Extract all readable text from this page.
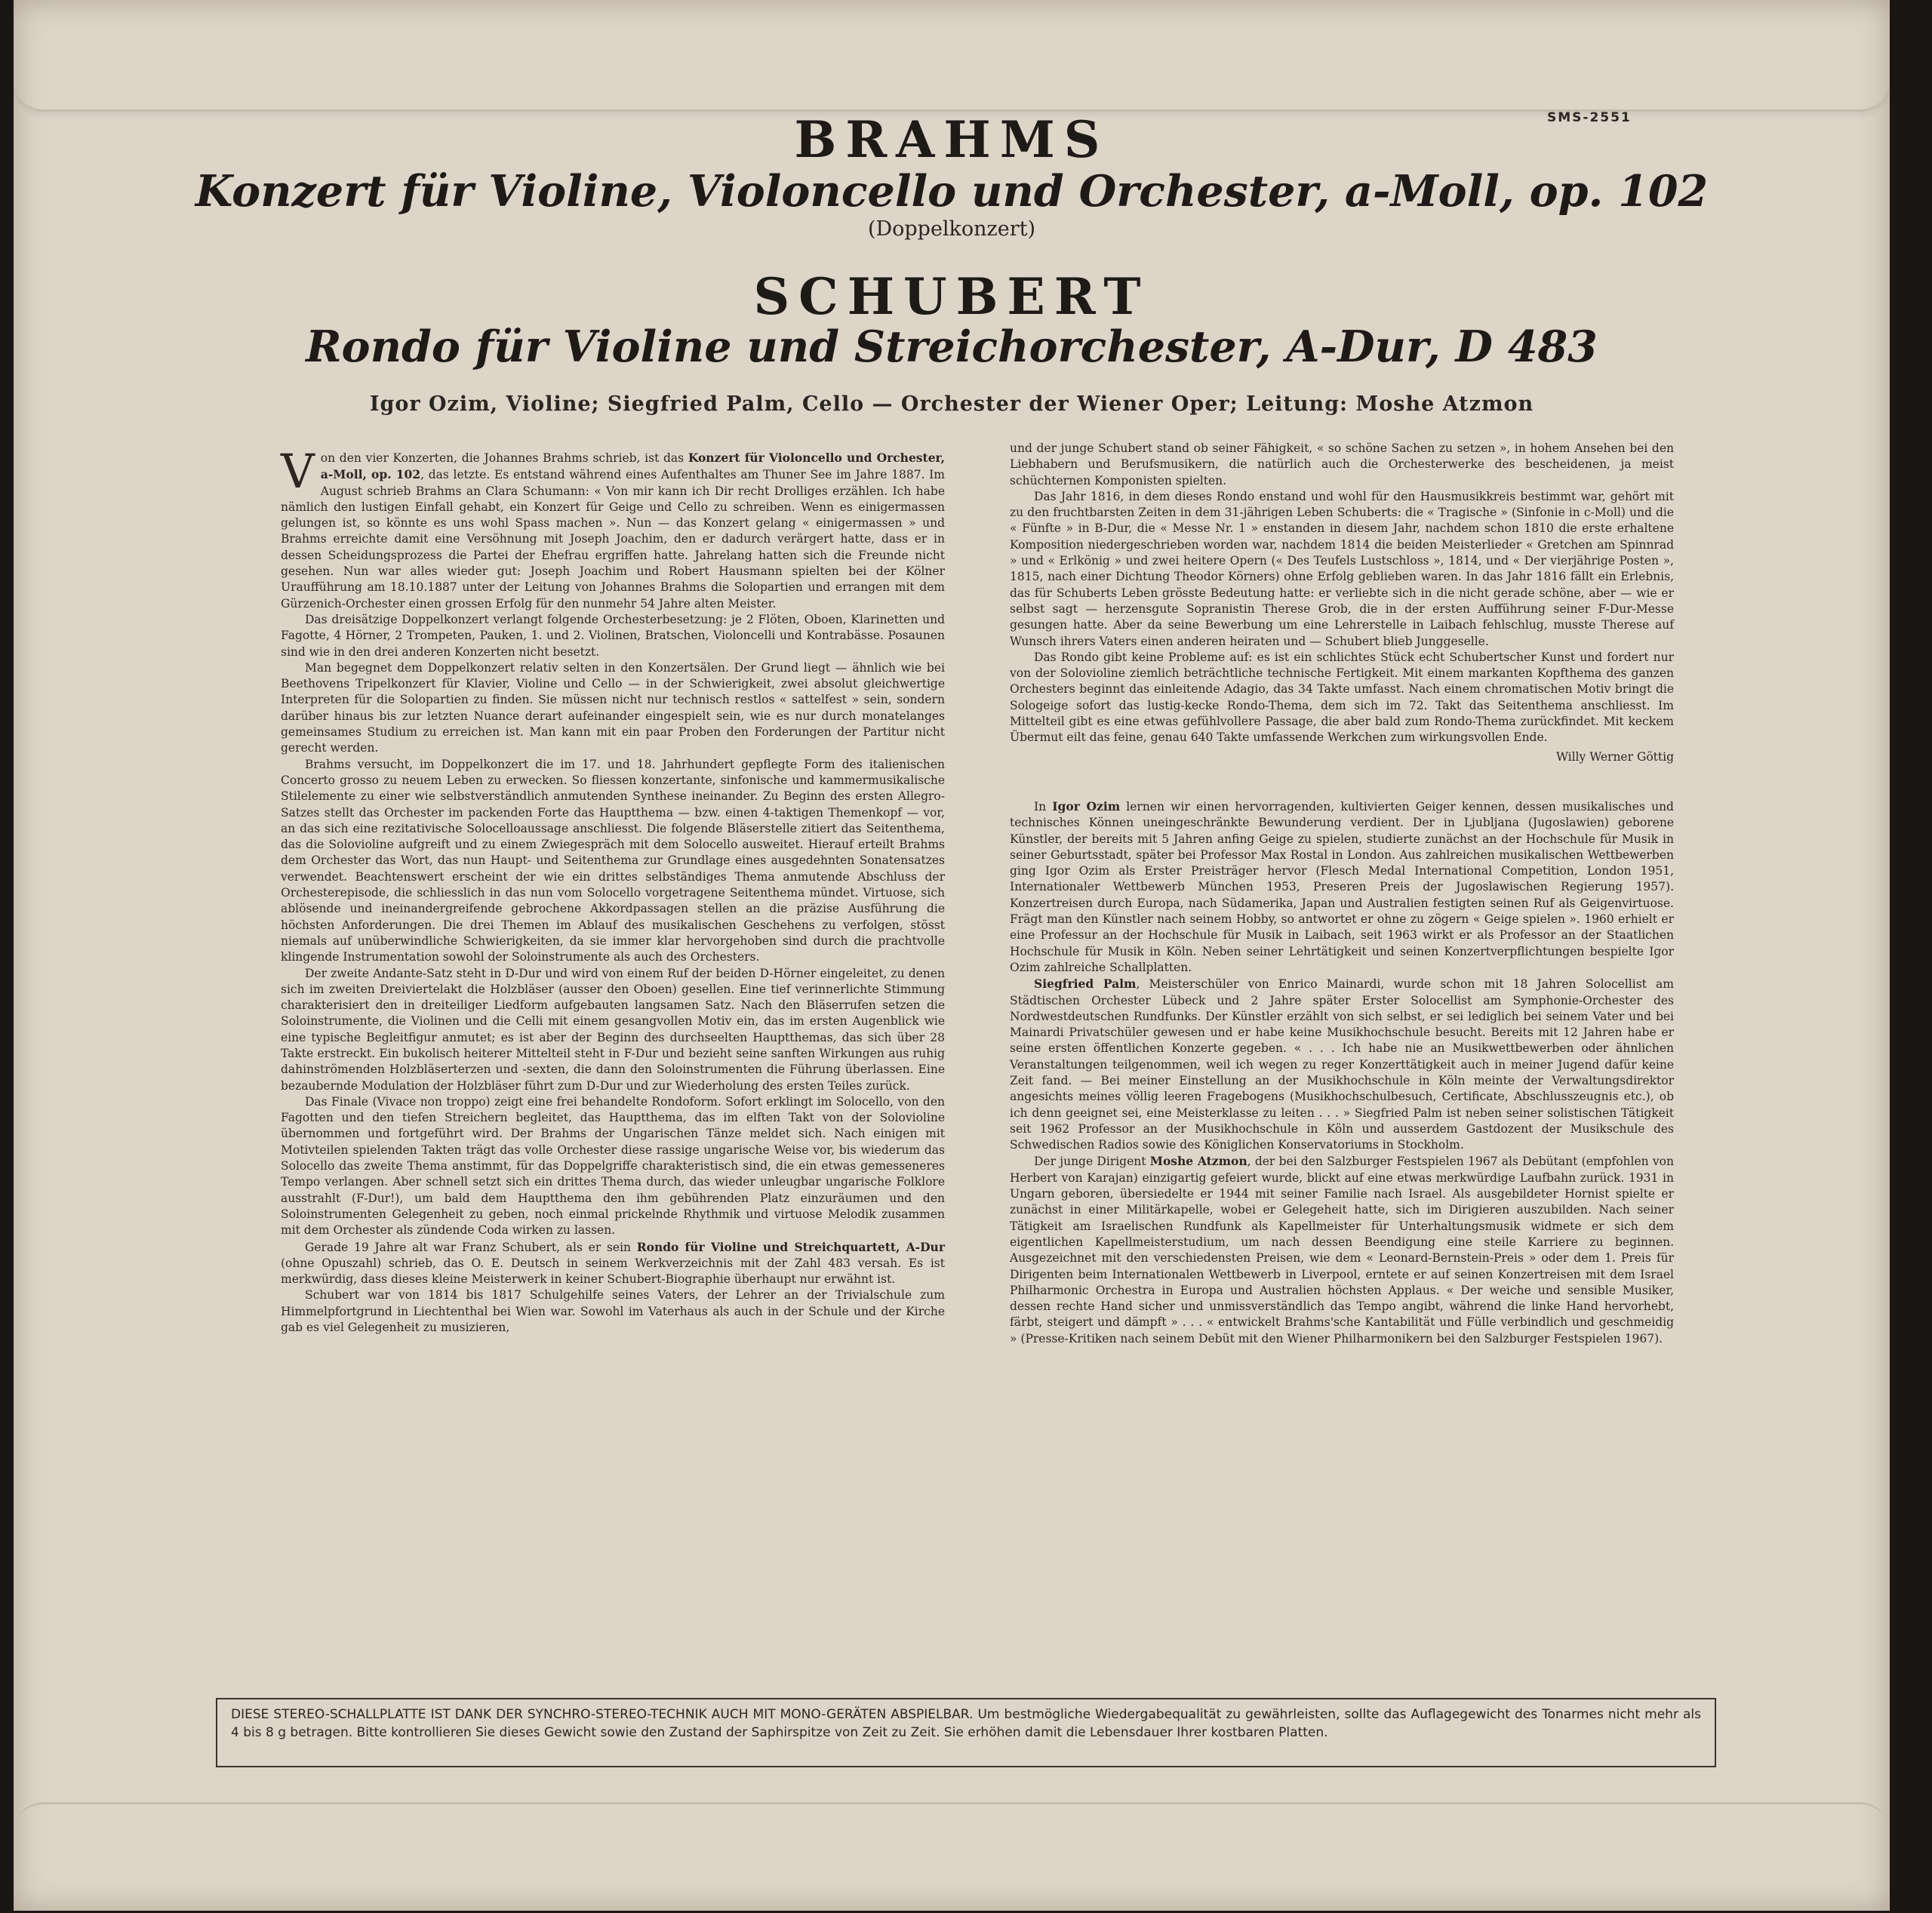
SMS-2551
BRAHMS
Konzert für Violine, Violoncello und Orchester, a-Moll, op. 102
(Doppelkonzert)
SCHUBERT
Rondo für Violine und Streichorchester, A-Dur, D 483
Igor Ozim, Violine; Siegfried Palm, Cello — Orchester der Wiener Oper; Leitung: Moshe Atzmon

Von den vier Konzerten, die Johannes Brahms schrieb, ist das Konzert für Violoncello und Orchester, a-Moll, op. 102, das letzte. Es entstand während eines Aufenthaltes am Thuner See im Jahre 1887. Im August schrieb Brahms an Clara Schumann: « Von mir kann ich Dir recht Drolliges erzählen. Ich habe nämlich den lustigen Einfall gehabt, ein Konzert für Geige und Cello zu schreiben. Wenn es einigermassen gelungen ist, so könnte es uns wohl Spass machen ». Nun — das Konzert gelang « einigermassen » und Brahms erreichte damit eine Versöhnung mit Joseph Joachim, den er dadurch verärgert hatte, dass er in dessen Scheidungsprozess die Partei der Ehefrau ergriffen hatte. Jahrelang hatten sich die Freunde nicht gesehen. Nun war alles wieder gut: Joseph Joachim und Robert Hausmann spielten bei der Kölner Uraufführung am 18.10.1887 unter der Leitung von Johannes Brahms die Solopartien und errangen mit dem Gürzenich-Orchester einen grossen Erfolg für den nunmehr 54 Jahre alten Meister.

Das dreisätzige Doppelkonzert verlangt folgende Orchesterbesetzung: je 2 Flöten, Oboen, Klarinetten und Fagotte, 4 Hörner, 2 Trompeten, Pauken, 1. und 2. Violinen, Bratschen, Violoncelli und Kontrabässe. Posaunen sind wie in den drei anderen Konzerten nicht besetzt.

Man begegnet dem Doppelkonzert relativ selten in den Konzertsälen. Der Grund liegt — ähnlich wie bei Beethovens Tripelkonzert für Klavier, Violine und Cello — in der Schwierigkeit, zwei absolut gleichwertige Interpreten für die Solopartien zu finden. Sie müssen nicht nur technisch restlos « sattelfest » sein, sondern darüber hinaus bis zur letzten Nuance derart aufeinander eingespielt sein, wie es nur durch monatelanges gemeinsames Studium zu erreichen ist. Man kann mit ein paar Proben den Forderungen der Partitur nicht gerecht werden.

Brahms versucht, im Doppelkonzert die im 17. und 18. Jahrhundert gepflegte Form des italienischen Concerto grosso zu neuem Leben zu erwecken. So fliessen konzertante, sinfonische und kammermusikalische Stilelemente zu einer wie selbstverständlich anmutenden Synthese ineinander. Zu Beginn des ersten Allegro-Satzes stellt das Orchester im packenden Forte das Hauptthema — bzw. einen 4-taktigen Themenkopf — vor, an das sich eine rezitativische Solocelloaussage anschliesst. Die folgende Bläserstelle zitiert das Seitenthema, das die Solovioline aufgreift und zu einem Zwiegespräch mit dem Solocello ausweitet. Hierauf erteilt Brahms dem Orchester das Wort, das nun Haupt- und Seitenthema zur Grundlage eines ausgedehnten Sonatensatzes verwendet. Beachtenswert erscheint der wie ein drittes selbständiges Thema anmutende Abschluss der Orchesterepisode, die schliesslich in das nun vom Solocello vorgetragene Seitenthema mündet. Virtuose, sich ablösende und ineinandergreifende gebrochene Akkordpassagen stellen an die präzise Ausführung die höchsten Anforderungen. Die drei Themen im Ablauf des musikalischen Geschehens zu verfolgen, stösst niemals auf unüberwindliche Schwierigkeiten, da sie immer klar hervorgehoben sind durch die prachtvolle klingende Instrumentation sowohl der Soloinstrumente als auch des Orchesters.

Der zweite Andante-Satz steht in D-Dur und wird von einem Ruf der beiden D-Hörner eingeleitet, zu denen sich im zweiten Dreiviertelakt die Holzbläser (ausser den Oboen) gesellen. Eine tief verinnerlichte Stimmung charakterisiert den in dreiteiliger Liedform aufgebauten langsamen Satz. Nach den Bläserrufen setzen die Soloinstrumente, die Violinen und die Celli mit einem gesangvollen Motiv ein, das im ersten Augenblick wie eine typische Begleitfigur anmutet; es ist aber der Beginn des durchseelten Hauptthemas, das sich über 28 Takte erstreckt. Ein bukolisch heiterer Mittelteil steht in F-Dur und bezieht seine sanften Wirkungen aus ruhig dahinströmenden Holzbläserterzen und -sexten, die dann den Soloinstrumenten die Führung überlassen. Eine bezaubernde Modulation der Holzbläser führt zum D-Dur und zur Wiederholung des ersten Teiles zurück.

Das Finale (Vivace non troppo) zeigt eine frei behandelte Rondoform. Sofort erklingt im Solocello, von den Fagotten und den tiefen Streichern begleitet, das Hauptthema, das im elften Takt von der Solovioline übernommen und fortgeführt wird. Der Brahms der Ungarischen Tänze meldet sich. Nach einigen mit Motivteilen spielenden Takten trägt das volle Orchester diese rassige ungarische Weise vor, bis wiederum das Solocello das zweite Thema anstimmt, für das Doppelgriffe charakteristisch sind, die ein etwas gemesseneres Tempo verlangen. Aber schnell setzt sich ein drittes Thema durch, das wieder unleugbar ungarische Folklore ausstrahlt (F-Dur!), um bald dem Hauptthema den ihm gebührenden Platz einzuräumen und den Soloinstrumenten Gelegenheit zu geben, noch einmal prickelnde Rhythmik und virtuose Melodik zusammen mit dem Orchester als zündende Coda wirken zu lassen.

Gerade 19 Jahre alt war Franz Schubert, als er sein Rondo für Violine und Streichquartett, A-Dur (ohne Opuszahl) schrieb, das O. E. Deutsch in seinem Werkverzeichnis mit der Zahl 483 versah. Es ist merkwürdig, dass dieses kleine Meisterwerk in keiner Schubert-Biographie überhaupt nur erwähnt ist.

Schubert war von 1814 bis 1817 Schulgehilfe seines Vaters, der Lehrer an der Trivialschule zum Himmelpfortgrund in Liechtenthal bei Wien war. Sowohl im Vaterhaus als auch in der Schule und der Kirche gab es viel Gelegenheit zu musizieren,

und der junge Schubert stand ob seiner Fähigkeit, « so schöne Sachen zu setzen », in hohem Ansehen bei den Liebhabern und Berufsmusikern, die natürlich auch die Orchesterwerke des bescheidenen, ja meist schüchternen Komponisten spielten.

Das Jahr 1816, in dem dieses Rondo enstand und wohl für den Hausmusikkreis bestimmt war, gehört mit zu den fruchtbarsten Zeiten in dem 31-jährigen Leben Schuberts: die « Tragische » (Sinfonie in c-Moll) und die « Fünfte » in B-Dur, die « Messe Nr. 1 » enstanden in diesem Jahr, nachdem schon 1810 die erste erhaltene Komposition niedergeschrieben worden war, nachdem 1814 die beiden Meisterlieder « Gretchen am Spinnrad » und « Erlkönig » und zwei heitere Opern (« Des Teufels Lustschloss », 1814, und « Der vierjährige Posten », 1815, nach einer Dichtung Theodor Körners) ohne Erfolg geblieben waren. In das Jahr 1816 fällt ein Erlebnis, das für Schuberts Leben grösste Bedeutung hatte: er verliebte sich in die nicht gerade schöne, aber — wie er selbst sagt — herzensgute Sopranistin Therese Grob, die in der ersten Aufführung seiner F-Dur-Messe gesungen hatte. Aber da seine Bewerbung um eine Lehrerstelle in Laibach fehlschlug, musste Therese auf Wunsch ihrers Vaters einen anderen heiraten und — Schubert blieb Junggeselle.

Das Rondo gibt keine Probleme auf: es ist ein schlichtes Stück echt Schubertscher Kunst und fordert nur von der Solovioline ziemlich beträchtliche technische Fertigkeit. Mit einem markanten Kopfthema des ganzen Orchesters beginnt das einleitende Adagio, das 34 Takte umfasst. Nach einem chromatischen Motiv bringt die Sologeige sofort das lustig-kecke Rondo-Thema, dem sich im 72. Takt das Seitenthema anschliesst. Im Mittelteil gibt es eine etwas gefühlvollere Passage, die aber bald zum Rondo-Thema zurückfindet. Mit keckem Übermut eilt das feine, genau 640 Takte umfassende Werkchen zum wirkungsvollen Ende.

Willy Werner Göttig

In Igor Ozim lernen wir einen hervorragenden, kultivierten Geiger kennen, dessen musikalisches und technisches Können uneingeschränkte Bewunderung verdient. Der in Ljubljana (Jugoslawien) geborene Künstler, der bereits mit 5 Jahren anfing Geige zu spielen, studierte zunächst an der Hochschule für Musik in seiner Geburtsstadt, später bei Professor Max Rostal in London. Aus zahlreichen musikalischen Wettbewerben ging Igor Ozim als Erster Preisträger hervor (Flesch Medal International Competition, London 1951, Internationaler Wettbewerb München 1953, Preseren Preis der Jugoslawischen Regierung 1957). Konzertreisen durch Europa, nach Südamerika, Japan und Australien festigten seinen Ruf als Geigenvirtuose. Frägt man den Künstler nach seinem Hobby, so antwortet er ohne zu zögern « Geige spielen ». 1960 erhielt er eine Professur an der Hochschule für Musik in Laibach, seit 1963 wirkt er als Professor an der Staatlichen Hochschule für Musik in Köln. Neben seiner Lehrtätigkeit und seinen Konzertverpflichtungen bespielte Igor Ozim zahlreiche Schallplatten.

Siegfried Palm, Meisterschüler von Enrico Mainardi, wurde schon mit 18 Jahren Solocellist am Städtischen Orchester Lübeck und 2 Jahre später Erster Solocellist am Symphonie-Orchester des Nordwestdeutschen Rundfunks. Der Künstler erzählt von sich selbst, er sei lediglich bei seinem Vater und bei Mainardi Privatschüler gewesen und er habe keine Musikhochschule besucht. Bereits mit 12 Jahren habe er seine ersten öffentlichen Konzerte gegeben. « . . . Ich habe nie an Musikwettbewerben oder ähnlichen Veranstaltungen teilgenommen, weil ich wegen zu reger Konzerttätigkeit auch in meiner Jugend dafür keine Zeit fand. — Bei meiner Einstellung an der Musikhochschule in Köln meinte der Verwaltungsdirektor angesichts meines völlig leeren Fragebogens (Musikhochschulbesuch, Certificate, Abschlusszeugnis etc.), ob ich denn geeignet sei, eine Meisterklasse zu leiten . . . » Siegfried Palm ist neben seiner solistischen Tätigkeit seit 1962 Professor an der Musikhochschule in Köln und ausserdem Gastdozent der Musikschule des Schwedischen Radios sowie des Königlichen Konservatoriums in Stockholm.

Der junge Dirigent Moshe Atzmon, der bei den Salzburger Festspielen 1967 als Debütant (empfohlen von Herbert von Karajan) einzigartig gefeiert wurde, blickt auf eine etwas merkwürdige Laufbahn zurück. 1931 in Ungarn geboren, übersiedelte er 1944 mit seiner Familie nach Israel. Als ausgebildeter Hornist spielte er zunächst in einer Militärkapelle, wobei er Gelegeheit hatte, sich im Dirigieren auszubilden. Nach seiner Tätigkeit am Israelischen Rundfunk als Kapellmeister für Unterhaltungsmusik widmete er sich dem eigentlichen Kapellmeisterstudium, um nach dessen Beendigung eine steile Karriere zu beginnen. Ausgezeichnet mit den verschiedensten Preisen, wie dem « Leonard-Bernstein-Preis » oder dem 1. Preis für Dirigenten beim Internationalen Wettbewerb in Liverpool, erntete er auf seinen Konzertreisen mit dem Israel Philharmonic Orchestra in Europa und Australien höchsten Applaus. « Der weiche und sensible Musiker, dessen rechte Hand sicher und unmissverständlich das Tempo angibt, während die linke Hand hervorhebt, färbt, steigert und dämpft » . . . « entwickelt Brahms'sche Kantabilität und Fülle verbindlich und geschmeidig » (Presse-Kritiken nach seinem Debüt mit den Wiener Philharmonikern bei den Salzburger Festspielen 1967).

DIESE STEREO-SCHALLPLATTE IST DANK DER SYNCHRO-STEREO-TECHNIK AUCH MIT MONO-GERÄTEN ABSPIELBAR. Um bestmögliche Wiedergabequalität zu gewährleisten, sollte das Auflagegewicht des Tonarmes nicht mehr als 4 bis 8 g betragen. Bitte kontrollieren Sie dieses Gewicht sowie den Zustand der Saphirspitze von Zeit zu Zeit. Sie erhöhen damit die Lebensdauer Ihrer kostbaren Platten.
